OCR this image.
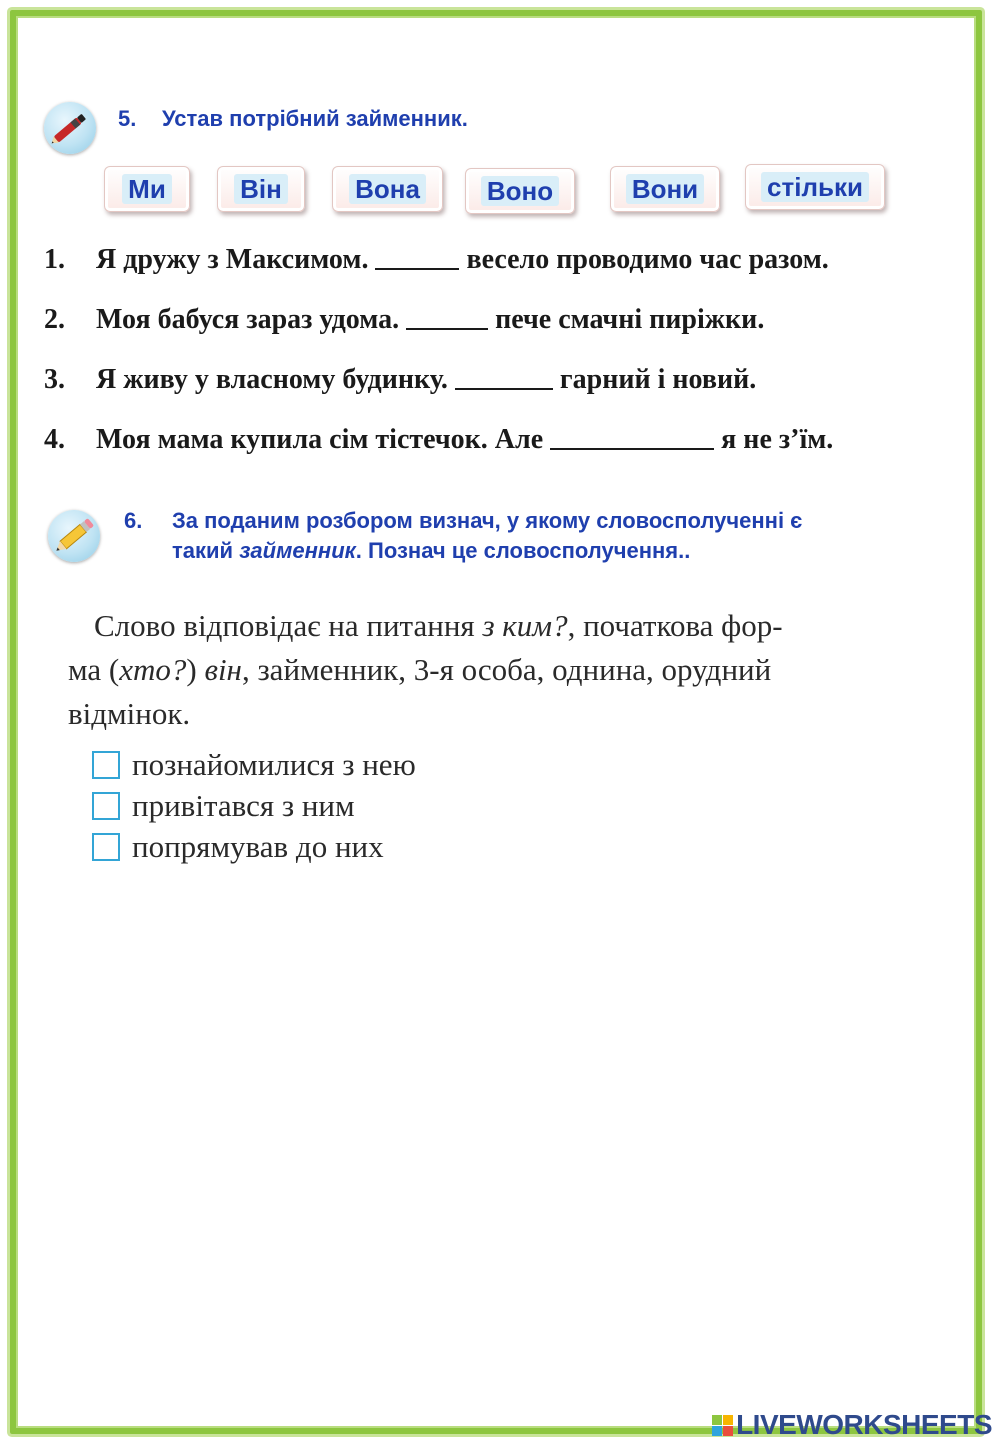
5. Устав потрібний займенник.
Ми	Він	Вона	Воно	Вони	стільки
1. Я дружу з Максимом.	весело проводимо час разом.
2. Моя бабуся зараз удома.	пече смачні пиріжки.
3. Я живу у власному будинку.	гарний і новий.
4. Моя мама купила сім тістечок. Але	я не з’їм.
6. За поданим розбором визнач, у якому словосполученні є
такий займенник. Познач це словосполучення..
Слово відповідає на питання з ким?, початкова фор-
ма (хто?) він, займенник, 3-я особа, однина, орудний
відмінок.
познайомилися з нею
привітався з ним
попрямував до них
LIVEWORKSHEETS
